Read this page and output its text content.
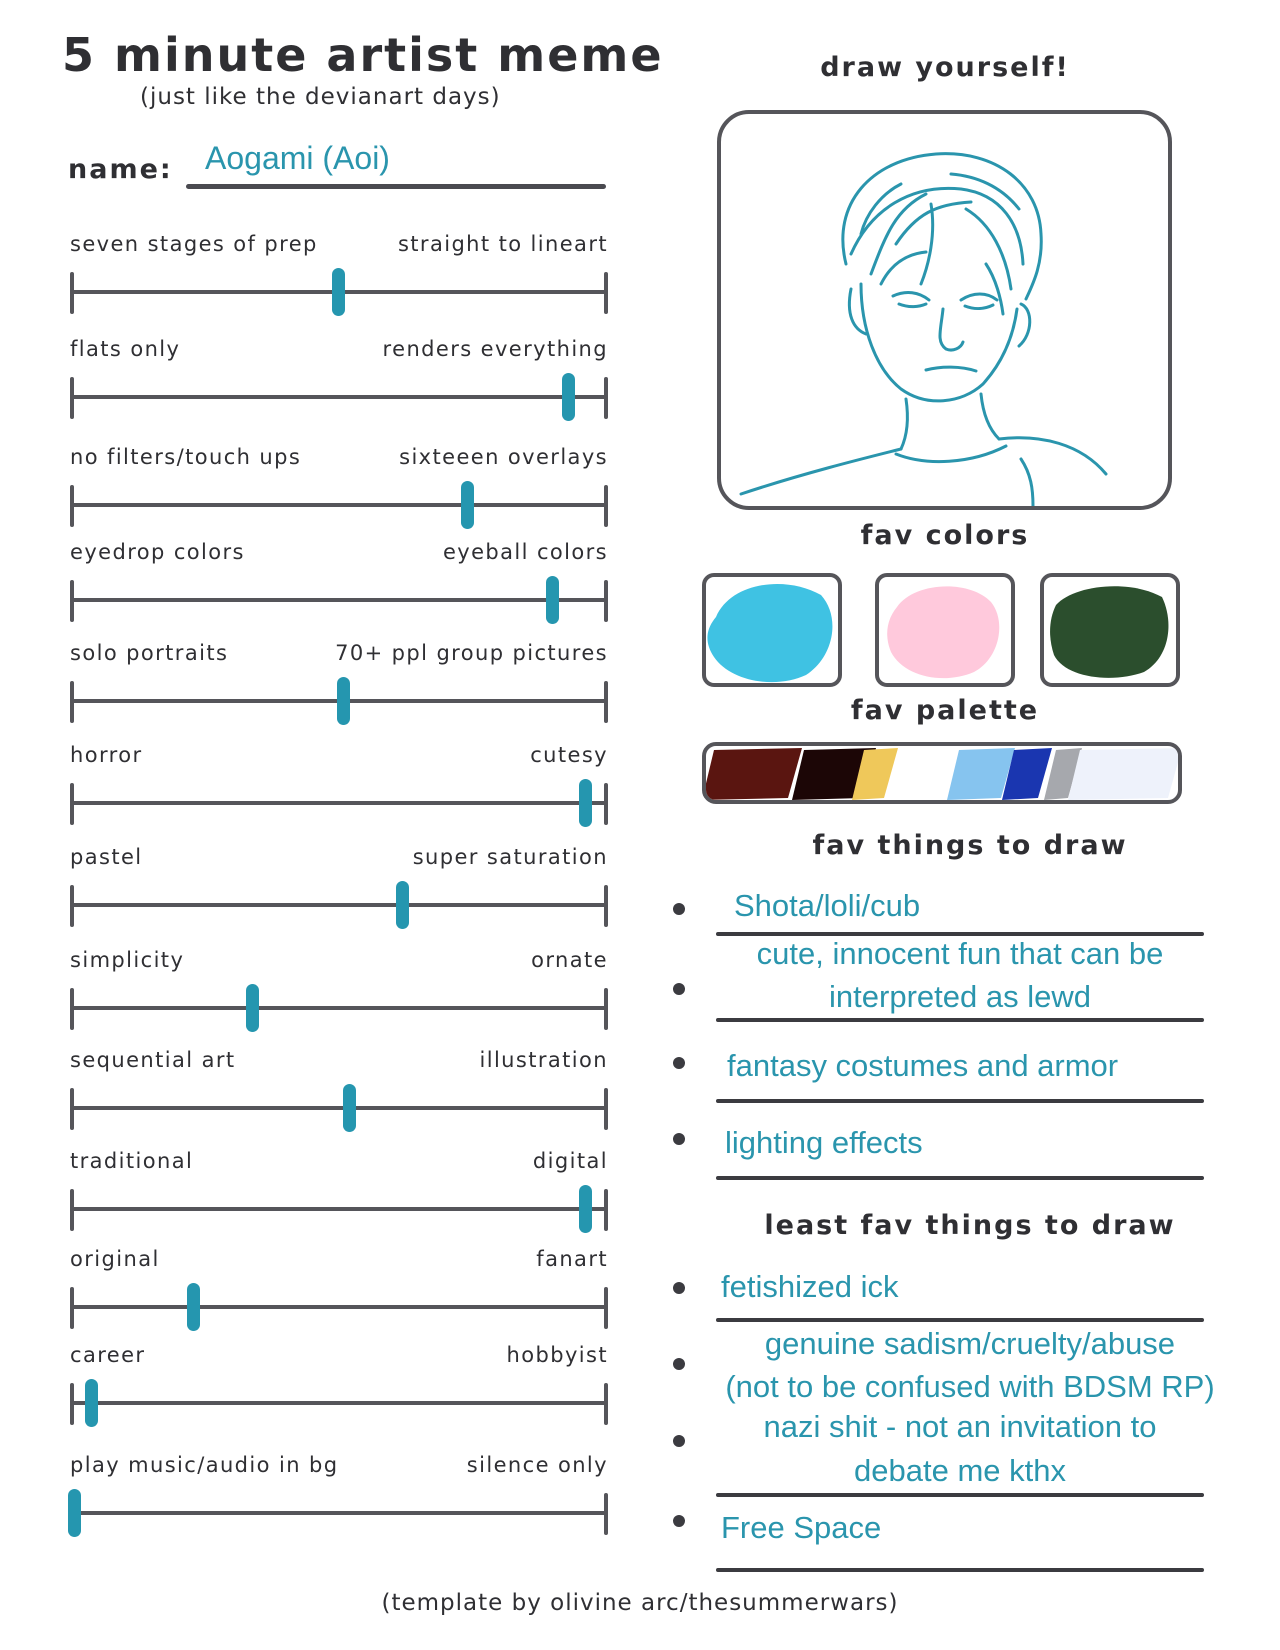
5 minute artist meme
(just like the devianart days)
name: Aogami (Aoi)
seven stages of prep	straight to lineart
flats only	renders everything
no filters/touch ups	sixteeen overlays
eyedrop colors	eyeball colors
solo portraits	70+ ppl group pictures
horror	cutesy
pastel	super saturation
simplicity	ornate
sequential art	illustration
traditional	digital
original	fanart
career	hobbyist
play music/audio in bg	silence only
draw yourself!
fav colors
fav palette
fav things to draw
Shota/loli/cub
cute, innocent fun that can be
interpreted as lewd
fantasy costumes and armor
lighting effects
least fav things to draw
fetishized ick
genuine sadism/cruelty/abuse
(not to be confused with BDSM RP)
nazi shit - not an invitation to
debate me kthx
Free Space
(template by olivine arc/thesummerwars)
